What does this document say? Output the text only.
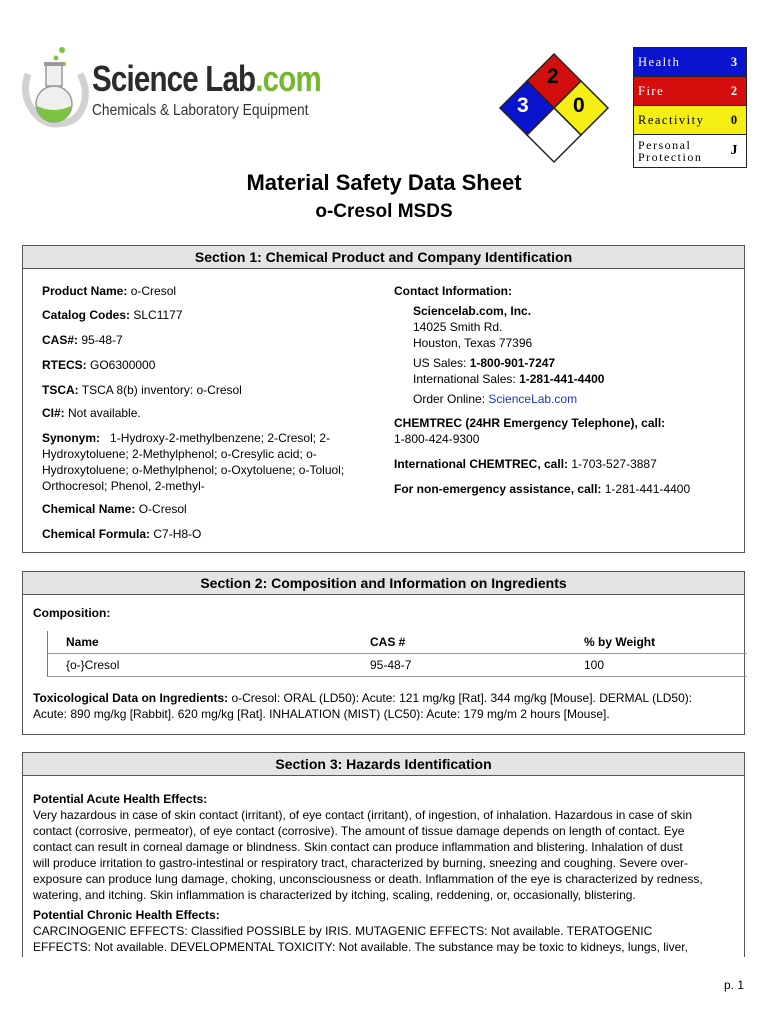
Science Lab.com
Chemicals & Laboratory Equipment
2
3 0
Health	3
Fire	2
Reactivity	0
Personal
Protection	J
Material Safety Data Sheet
o-Cresol MSDS
Section 1: Chemical Product and Company Identification
Product Name: o-Cresol
Catalog Codes: SLC1177
CAS#: 95-48-7
RTECS: GO6300000
TSCA: TSCA 8(b) inventory: o-Cresol
CI#: Not available.
Synonym:   1-Hydroxy-2-methylbenzene; 2-Cresol; 2-
Hydroxytoluene; 2-Methylphenol; o-Cresylic acid; o-
Hydroxytoluene; o-Methylphenol; o-Oxytoluene; o-Toluol;
Orthocresol; Phenol, 2-methyl-
Chemical Name: O-Cresol
Chemical Formula: C7-H8-O
Contact Information:
Sciencelab.com, Inc.
14025 Smith Rd.
Houston, Texas 77396
US Sales: 1-800-901-7247
International Sales: 1-281-441-4400
Order Online: ScienceLab.com
CHEMTREC (24HR Emergency Telephone), call:
1-800-424-9300
International CHEMTREC, call: 1-703-527-3887
For non-emergency assistance, call: 1-281-441-4400
Section 2: Composition and Information on Ingredients
Composition:
Name	CAS #	% by Weight
{o-}Cresol	95-48-7	100
Toxicological Data on Ingredients: o-Cresol: ORAL (LD50): Acute: 121 mg/kg [Rat]. 344 mg/kg [Mouse]. DERMAL (LD50):
Acute: 890 mg/kg [Rabbit]. 620 mg/kg [Rat]. INHALATION (MIST) (LC50): Acute: 179 mg/m 2 hours [Mouse].
Section 3: Hazards Identification
Potential Acute Health Effects:
Very hazardous in case of skin contact (irritant), of eye contact (irritant), of ingestion, of inhalation. Hazardous in case of skin
contact (corrosive, permeator), of eye contact (corrosive). The amount of tissue damage depends on length of contact. Eye
contact can result in corneal damage or blindness. Skin contact can produce inflammation and blistering. Inhalation of dust
will produce irritation to gastro-intestinal or respiratory tract, characterized by burning, sneezing and coughing. Severe over-
exposure can produce lung damage, choking, unconsciousness or death. Inflammation of the eye is characterized by redness,
watering, and itching. Skin inflammation is characterized by itching, scaling, reddening, or, occasionally, blistering.
Potential Chronic Health Effects:
CARCINOGENIC EFFECTS: Classified POSSIBLE by IRIS. MUTAGENIC EFFECTS: Not available. TERATOGENIC
EFFECTS: Not available. DEVELOPMENTAL TOXICITY: Not available. The substance may be toxic to kidneys, lungs, liver,
p. 1
